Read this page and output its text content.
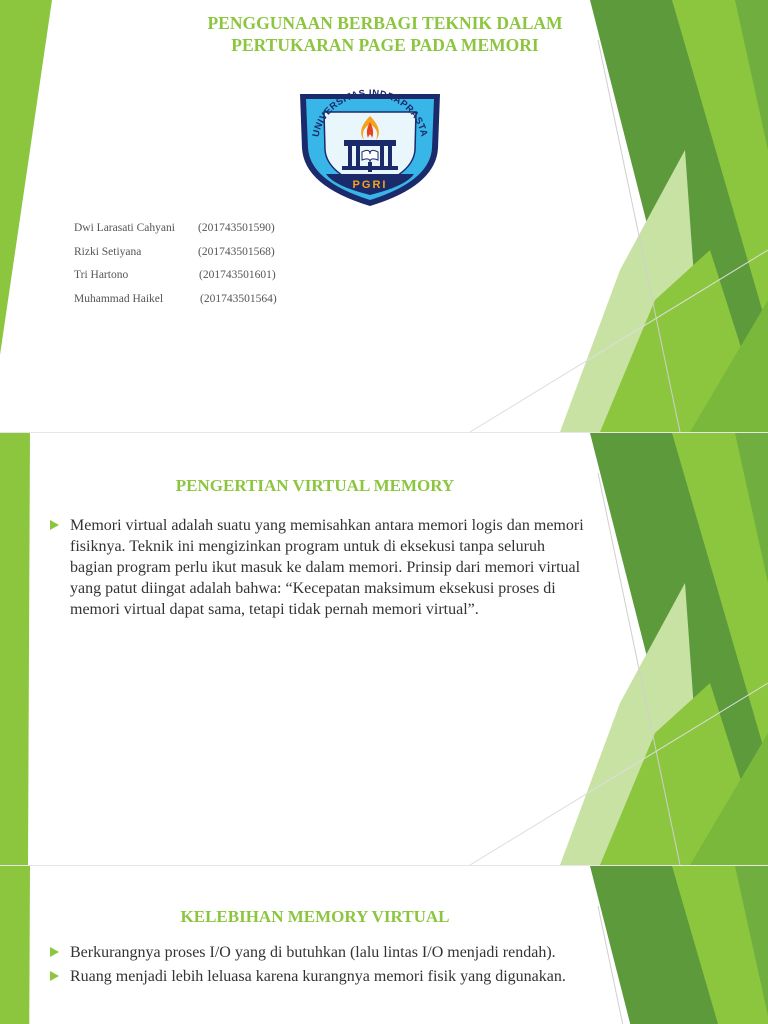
PENGGUNAAN BERBAGI TEKNIK DALAM PERTUKARAN PAGE PADA MEMORI
PGRI
UNIVERSITAS INDRAPRASTA
Dwi Larasati Cahyani (201743501590)
Rizki Setiyana	(201743501568)
Tri Hartono	(201743501601)
Muhammad Haikel	(201743501564)
PENGERTIAN VIRTUAL MEMORY
Memori virtual adalah suatu yang memisahkan antara memori logis dan memori fisiknya. Teknik ini mengizinkan program untuk di eksekusi tanpa seluruh bagian program perlu ikut masuk ke dalam memori. Prinsip dari memori virtual yang patut diingat adalah bahwa: “Kecepatan maksimum eksekusi proses di memori virtual dapat sama, tetapi tidak pernah memori virtual”.
KELEBIHAN MEMORY VIRTUAL
Berkurangnya proses I/O yang di butuhkan (lalu lintas I/O menjadi rendah).
Ruang menjadi lebih leluasa karena kurangnya memori fisik yang digunakan.
